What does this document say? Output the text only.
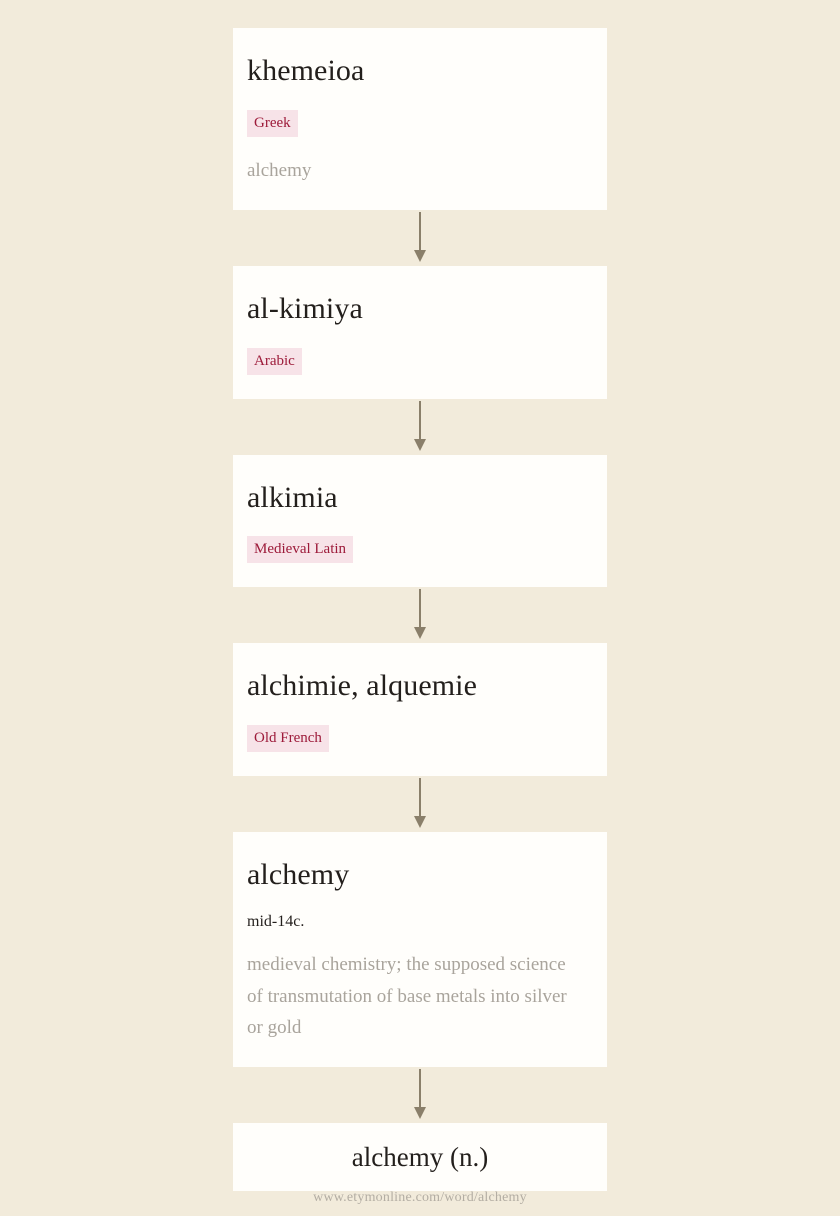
khemeioa
Greek
alchemy
al-kimiya
Arabic
alkimia
Medieval Latin
alchimie, alquemie
Old French
alchemy
mid-14c.
medieval chemistry; the supposed science of transmutation of base metals into silver or gold
alchemy (n.)
www.etymonline.com/word/alchemy
